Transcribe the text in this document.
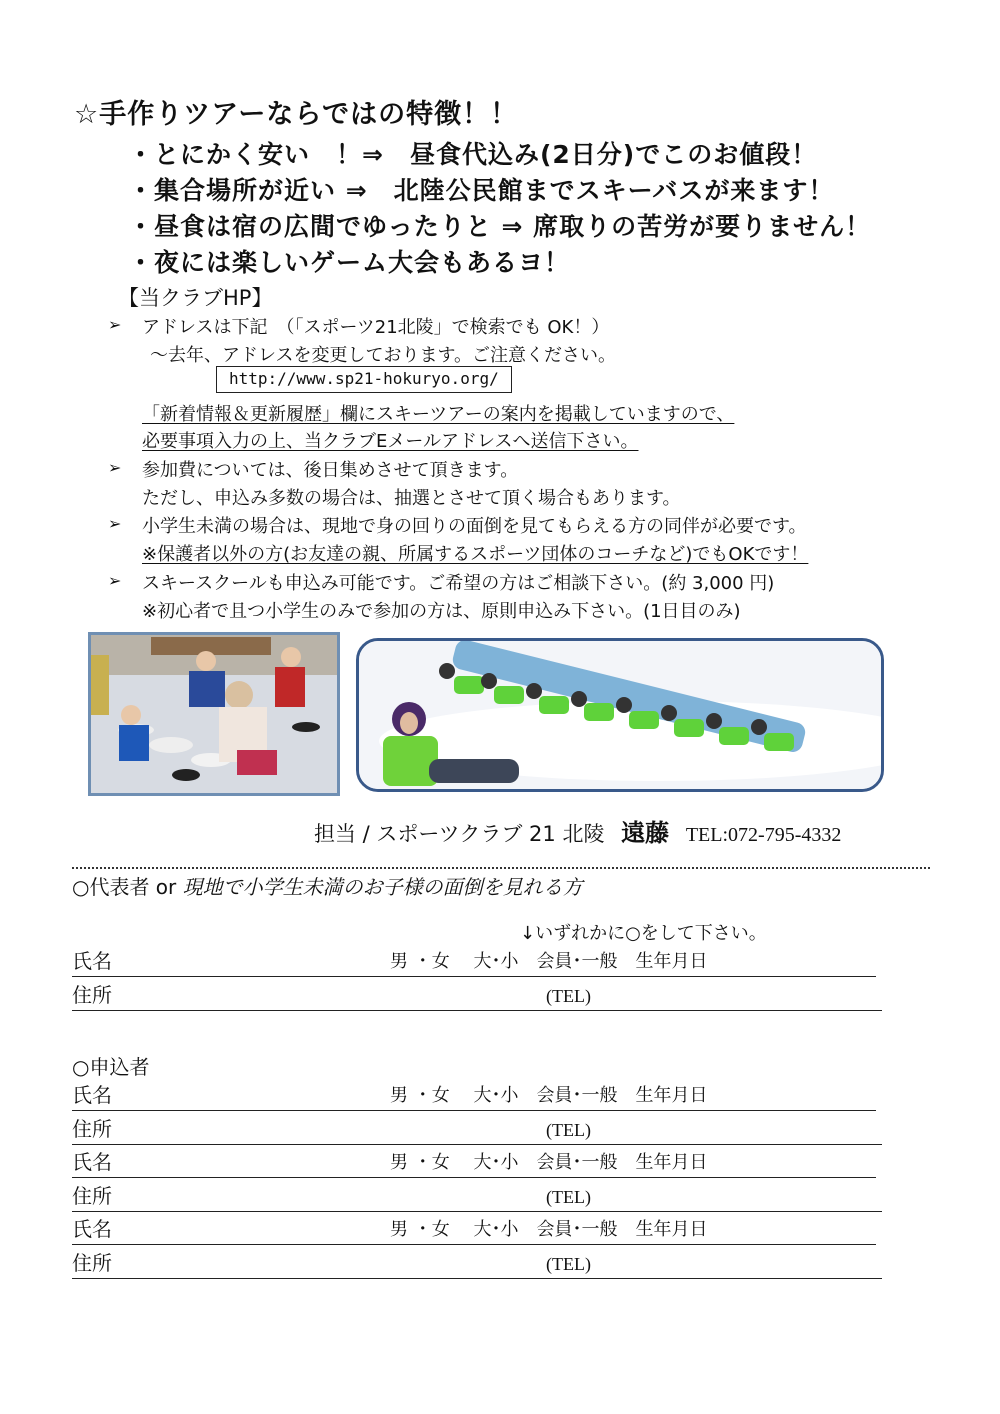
☆手作りツアーならではの特徴！！
・とにかく安い　！⇒　昼食代込み(2日分)でこのお値段！
・集合場所が近い ⇒　北陸公民館までスキーバスが来ます！
・昼食は宿の広間でゆったりと ⇒ 席取りの苦労が要りません！
・夜には楽しいゲーム大会もあるヨ！
【当クラブHP】
➢ アドレスは下記　（「スポーツ21北陵」で検索でも OK！）
～去年、アドレスを変更しております。ご注意ください。
http://www.sp21-hokuryo.org/
「新着情報＆更新履歴」欄にスキーツアーの案内を掲載していますので、
必要事項入力の上、当クラブEメールアドレスへ送信下さい。
➢ 参加費については、後日集めさせて頂きます。
ただし、申込み多数の場合は、抽選とさせて頂く場合もあります。
➢ 小学生未満の場合は、現地で身の回りの面倒を見てもらえる方の同伴が必要です。
※保護者以外の方(お友達の親、所属するスポーツ団体のコーチなど)でもOKです！
➢ スキースクールも申込み可能です。ご希望の方はご相談下さい。(約 3,000 円)
※初心者で且つ小学生のみで参加の方は、原則申込み下さい。(1日目のみ)
担当 / スポーツクラブ 21 北陵 遠藤 TEL:072-795-4332
○代表者 or 現地で小学生未満のお子様の面倒を見れる方
↓いずれかに○をして下さい。
氏名	男 ・女　 大･小　会員･一般　生年月日
住所	(TEL)
○申込者
氏名	男 ・女　 大･小　会員･一般　生年月日
住所	(TEL)
氏名	男 ・女　 大･小　会員･一般　生年月日
住所	(TEL)
氏名	男 ・女　 大･小　会員･一般　生年月日
住所	(TEL)
